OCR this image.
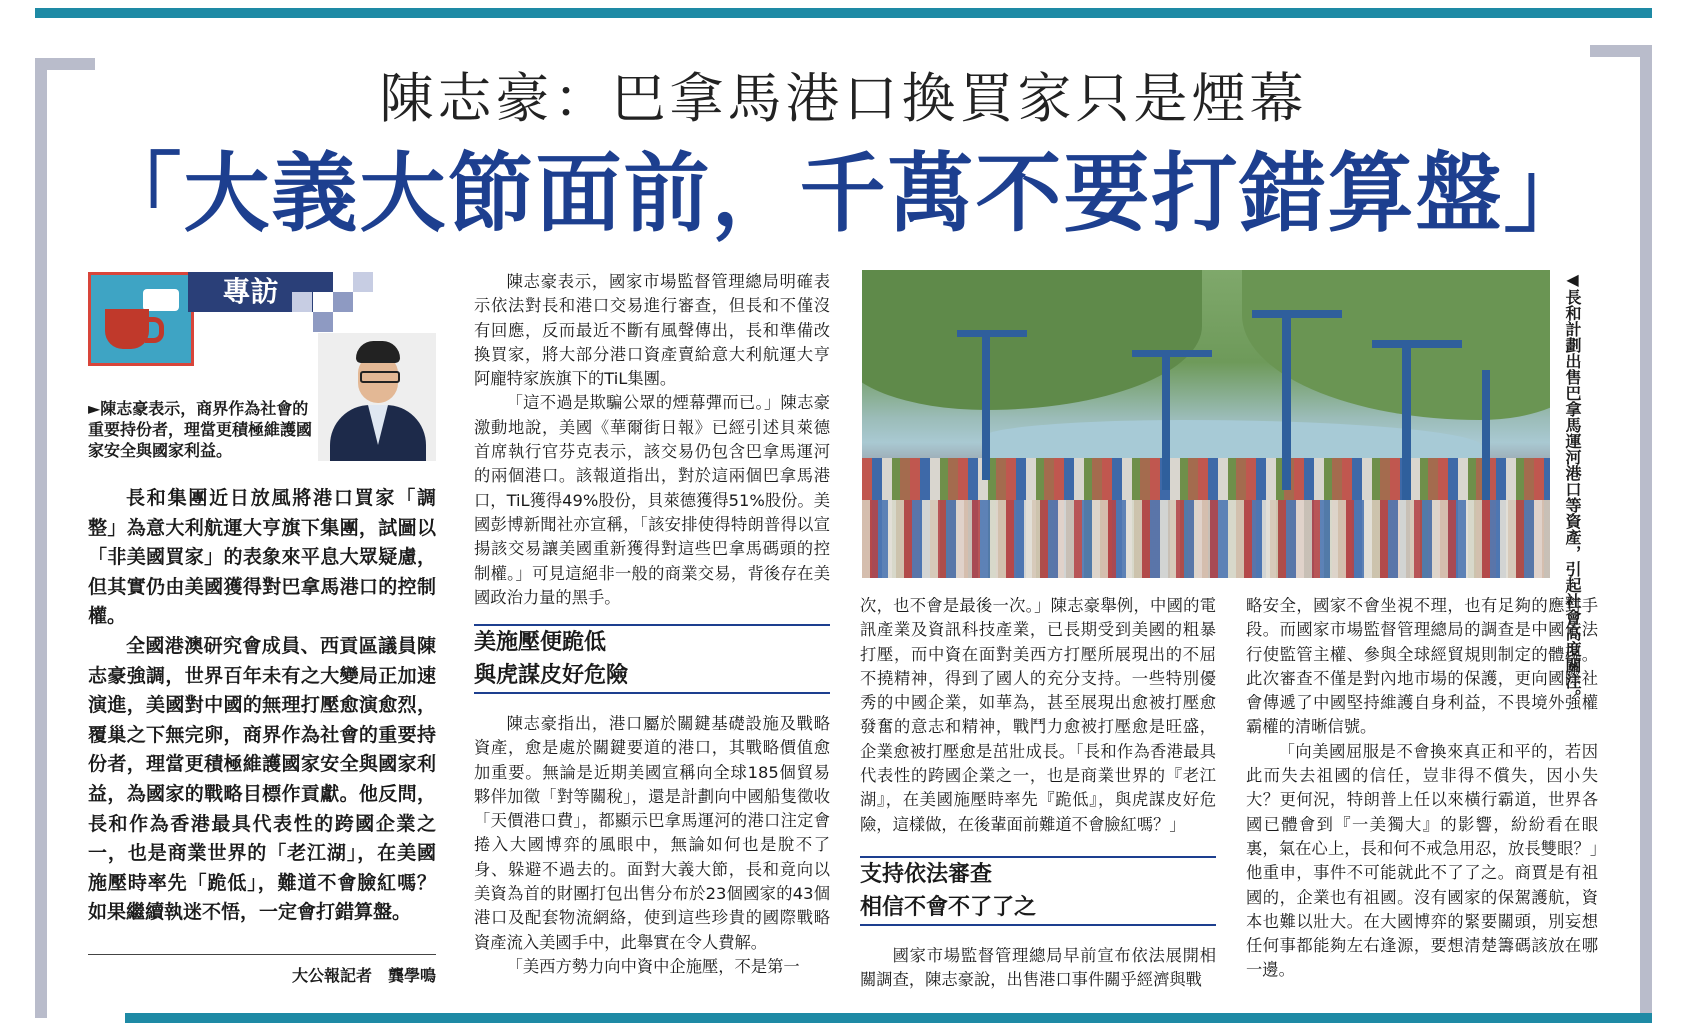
陳志豪：巴拿馬港口換買家只是煙幕
「大義大節面前，千萬不要打錯算盤」
專訪
►陳志豪表示，商界作為社會的重要持份者，理當更積極維護國家安全與國家利益。

長和集團近日放風將港口買家「調整」為意大利航運大亨旗下集團，試圖以「非美國買家」的表象來平息大眾疑慮，但其實仍由美國獲得對巴拿馬港口的控制權。

全國港澳研究會成員、西貢區議員陳志豪強調，世界百年未有之大變局正加速演進，美國對中國的無理打壓愈演愈烈，覆巢之下無完卵，商界作為社會的重要持份者，理當更積極維護國家安全與國家利益，為國家的戰略目標作貢獻。他反問，長和作為香港最具代表性的跨國企業之一，也是商業世界的「老江湖」，在美國施壓時率先「跪低」，難道不會臉紅嗎？如果繼續執迷不悟，一定會打錯算盤。

大公報記者　龔學鳴

陳志豪表示，國家市場監督管理總局明確表示依法對長和港口交易進行審查，但長和不僅沒有回應，反而最近不斷有風聲傳出，長和準備改換買家，將大部分港口資產賣給意大利航運大亨阿龐特家族旗下的TiL集團。

「這不過是欺騙公眾的煙幕彈而已。」陳志豪激動地說，美國《華爾街日報》已經引述貝萊德首席執行官芬克表示，該交易仍包含巴拿馬運河的兩個港口。該報道指出，對於這兩個巴拿馬港口，TiL獲得49%股份，貝萊德獲得51%股份。美國彭博新聞社亦宣稱，「該安排使得特朗普得以宣揚該交易讓美國重新獲得對這些巴拿馬碼頭的控制權。」可見這絕非一般的商業交易，背後存在美國政治力量的黑手。

美施壓便跪低
與虎謀皮好危險

陳志豪指出，港口屬於關鍵基礎設施及戰略資產，愈是處於關鍵要道的港口，其戰略價值愈加重要。無論是近期美國宣稱向全球185個貿易夥伴加徵「對等關稅」，還是計劃向中國船隻徵收「天價港口費」，都顯示巴拿馬運河的港口注定會捲入大國博弈的風眼中，無論如何也是脫不了身、躲避不過去的。面對大義大節，長和竟向以美資為首的財團打包出售分布於23個國家的43個港口及配套物流網絡，使到這些珍貴的國際戰略資產流入美國手中，此舉實在令人費解。

「美西方勢力向中資中企施壓，不是第一

◀長和計劃出售巴拿馬運河港口等資產，引起社會高度關注。

次，也不會是最後一次。」陳志豪舉例，中國的電訊產業及資訊科技產業，已長期受到美國的粗暴打壓，而中資在面對美西方打壓所展現出的不屈不撓精神，得到了國人的充分支持。一些特別優秀的中國企業，如華為，甚至展現出愈被打壓愈發奮的意志和精神，戰鬥力愈被打壓愈是旺盛，企業愈被打壓愈是茁壯成長。「長和作為香港最具代表性的跨國企業之一，也是商業世界的『老江湖』，在美國施壓時率先『跪低』，與虎謀皮好危險，這樣做，在後輩面前難道不會臉紅嗎？」

支持依法審查
相信不會不了了之

國家市場監督管理總局早前宣布依法展開相關調查，陳志豪說，出售港口事件關乎經濟與戰

略安全，國家不會坐視不理，也有足夠的應對手段。而國家市場監督管理總局的調查是中國依法行使監管主權、參與全球經貿規則制定的體現。此次審查不僅是對內地市場的保護，更向國際社會傳遞了中國堅持維護自身利益，不畏境外強權霸權的清晰信號。

「向美國屈服是不會換來真正和平的，若因此而失去祖國的信任，豈非得不償失，因小失大？更何況，特朗普上任以來橫行霸道，世界各國已體會到『一美獨大』的影響，紛紛看在眼裏，氣在心上，長和何不戒急用忍，放長雙眼？」他重申，事件不可能就此不了了之。商賈是有祖國的，企業也有祖國。沒有國家的保駕護航，資本也難以壯大。在大國博弈的緊要關頭，別妄想任何事都能夠左右逢源，要想清楚籌碼該放在哪一邊。
